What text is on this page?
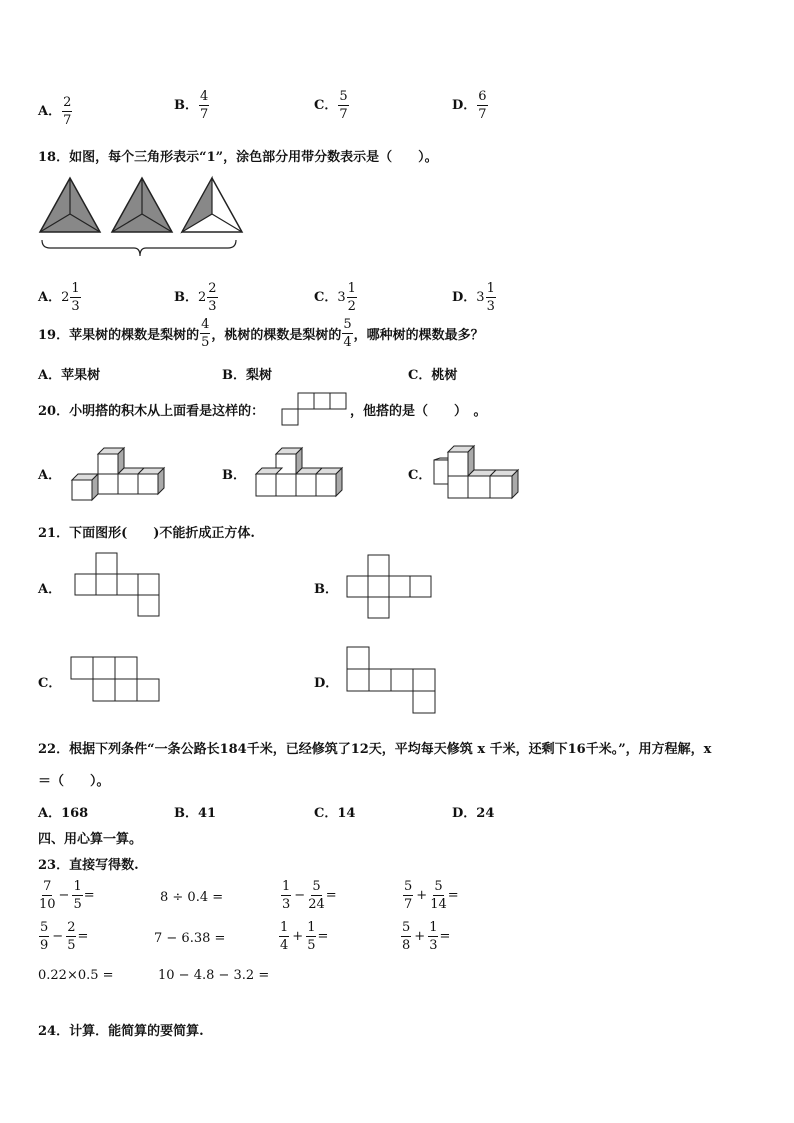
A． $\frac{2}{7}$	B． $\frac{4}{7}$	C． $\frac{5}{7}$	D． $\frac{6}{7}$
18．如图，每个三角形表示“1”，涂色部分用带分数表示是（　　）。
A． $2 \frac{1}{3}$	B． $2 \frac{2}{3}$	C． $3 \frac{1}{2}$	D． $3 \frac{1}{3}$
19．苹果树的棵数是梨树的 $\frac{4}{5}$ ，桃树的棵数是梨树的 $\frac{5}{4}$ ，哪种树的棵数最多？
A．苹果树	B．梨树	C．桃树
20．小明搭的积木从上面看是这样的：	，他搭的是（　　）　。
A．	B．	C．
21．下面图形(　　)不能折成正方体.
A．	B．
C．	D．
22．根据下列条件“一条公路长184千米，已经修筑了12天，平均每天修筑 x 千米，还剩下16千米。”，用方程解，x
＝（　　）。
A．168	B．41	C．14	D．24
四、用心算一算。
23．直接写得数.
$\frac{7}{10} - \frac{1}{5}$ =	8 ÷ 0.4 =	$\frac{1}{3} - \frac{5}{24}$ =	$\frac{5}{7} + \frac{5}{14}$ =
$\frac{5}{9} - \frac{2}{5}$ =	7 − 6.38 =	$\frac{1}{4} + \frac{1}{5}$ =	$\frac{5}{8} + \frac{1}{3}$ =
0.22×0.5 =	10 − 4.8 − 3.2 =
24．计算．能简算的要简算.
